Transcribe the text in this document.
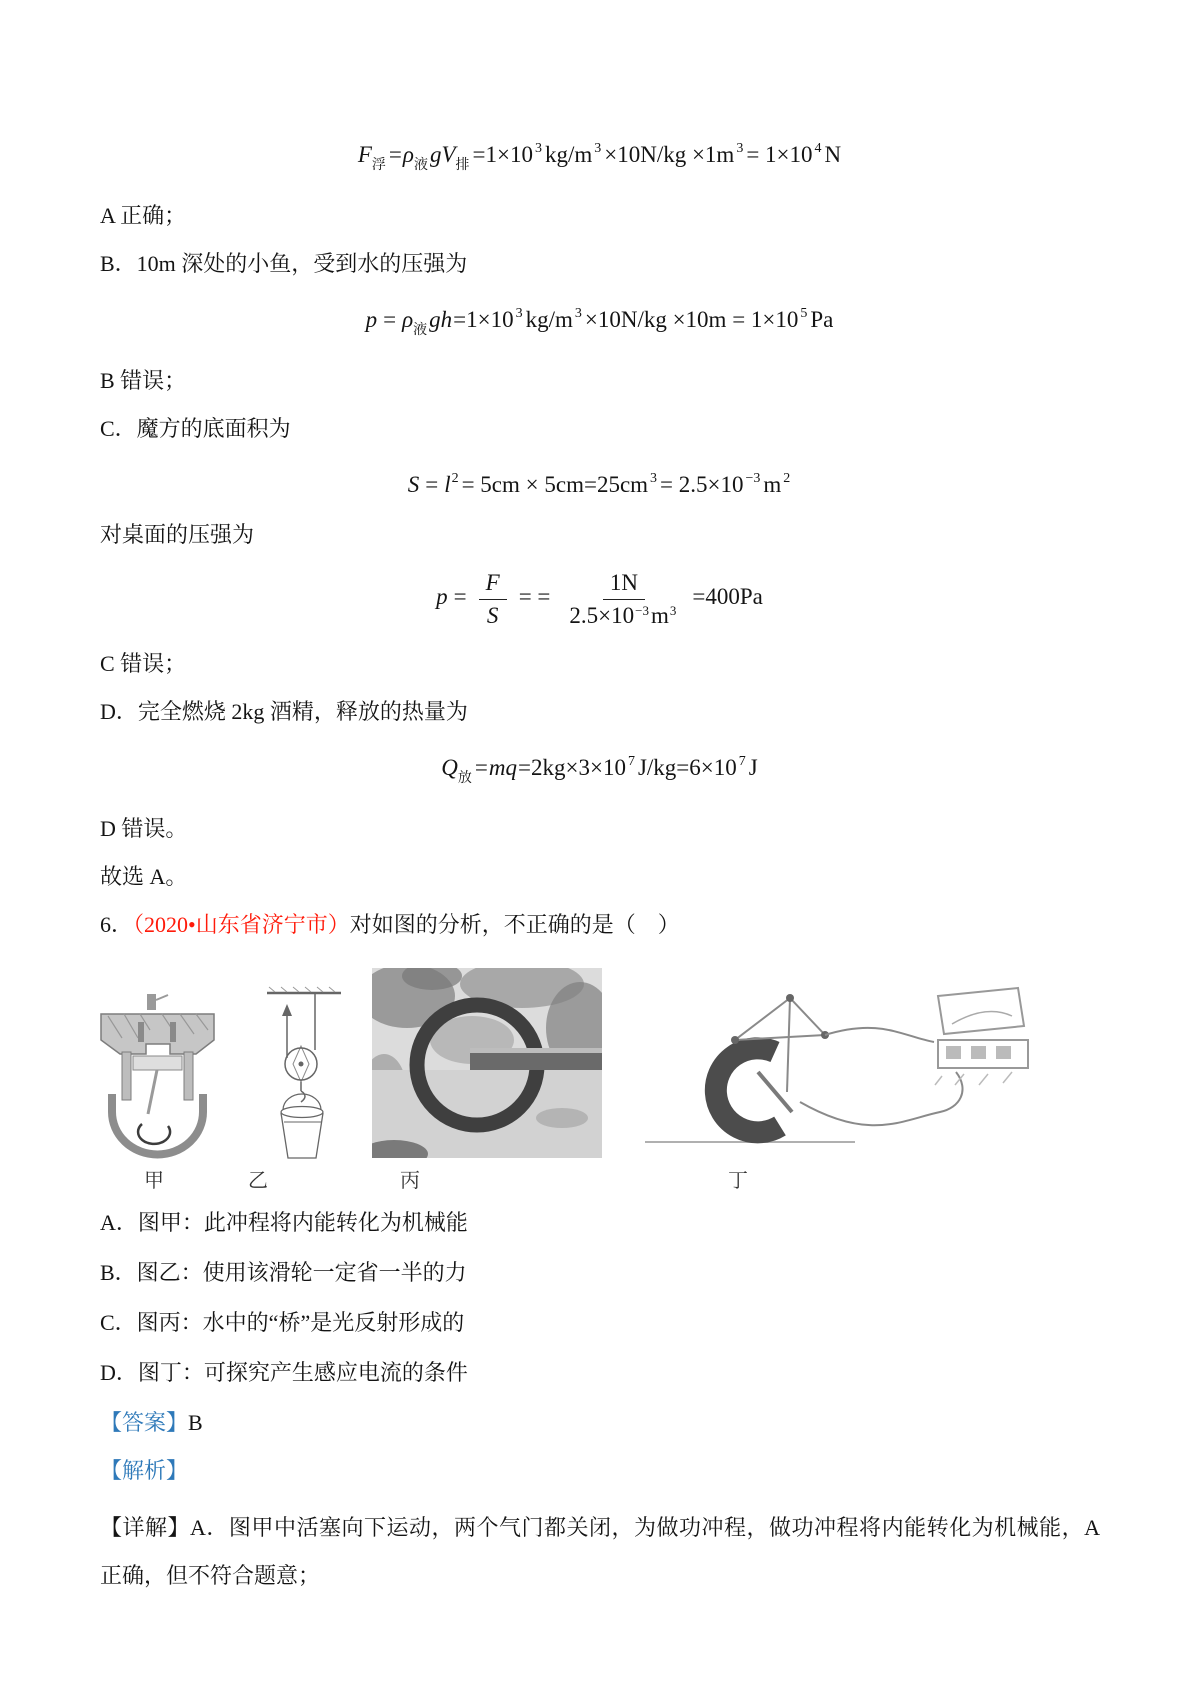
$F_浮 =\rho_液gV_排 =1\times 10$ $^3$ kg/m $^3$ ×10N/kg ×1m $^3$ = 1×10 $^4$ N
A 正确；
B．10m 深处的小鱼，受到水的压强为
$p = \rho_液gh=1\times 10$ $^3$ kg/m $^3$ ×10N/kg ×10m = 1×10 $^5$ Pa
B 错误；
C．魔方的底面积为
$S = l^2 = 5cm \times 5cm=25cm$ $^3$ = 2.5×10 $^{-3}$ m $^2$
对桌面的压强为
$p = \frac{F}{S}$ = = $\frac{1N}{2.5\times 10^{-3}m^3} =400Pa$
C 错误；
D．完全燃烧 2kg 酒精，释放的热量为
$Q_放 =mq=2kg\times 3\times 10$ $^7$ J/kg=6×10 $^7$ J
D 错误。
故选 A。
6．（2020•山东省济宁市）对如图的分析，不正确的是（　）
甲	乙	丙	丁
A．图甲：此冲程将内能转化为机械能
B．图乙：使用该滑轮一定省一半的力
C．图丙：水中的“桥”是光反射形成的
D．图丁：可探究产生感应电流的条件
【答案】B
【解析】
【详解】A．图甲中活塞向下运动，两个气门都关闭，为做功冲程，做功冲程将内能转化为机械能，A 正确，但不符合题意；
